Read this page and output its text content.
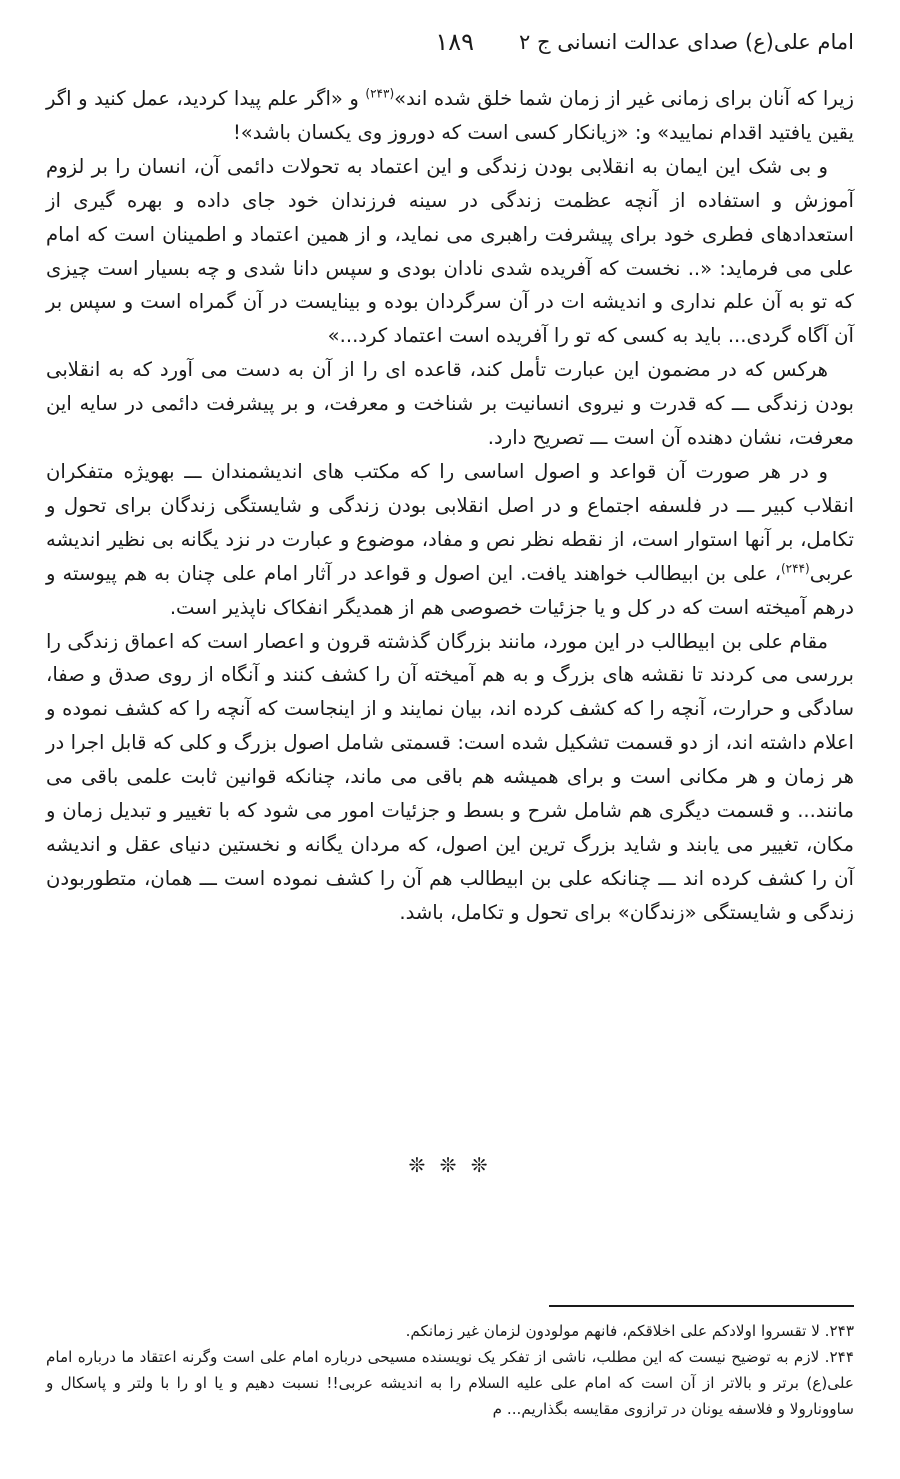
امام علی(ع) صدای عدالت انسانی ج ۲
۱۸۹

زیرا که آنان برای زمانی غیر از زمان شما خلق شده اند»$^{(۲۴۳)}$ و «اگر علم پیدا کردید، عمل کنید و اگر یقین یافتید اقدام نمایید» و: «زیانکار کسی است که دوروز وی یکسان باشد»!

و بی شک این ایمان به انقلابی بودن زندگی و این اعتماد به تحولات دائمی آن، انسان را بر لزوم آموزش و استفاده از آنچه عظمت زندگی در سینه فرزندان خود جای داده و بهره گیری از استعدادهای فطری خود برای پیشرفت راهبری می نماید، و از همین اعتماد و اطمینان است که امام علی می فرماید: «.. نخست که آفریده شدی نادان بودی و سپس دانا شدی و چه بسیار است چیزی که تو به آن علم نداری و اندیشه ات در آن سرگردان بوده و بینایست در آن گمراه است و سپس بر آن آگاه گردی... باید به کسی که تو را آفریده است اعتماد کرد...»

هرکس که در مضمون این عبارت تأمل کند، قاعده ای را از آن به دست می آورد که به انقلابی بودن زندگی ـــ که قدرت و نیروی انسانیت بر شناخت و معرفت، و بر پیشرفت دائمی در سایه این معرفت، نشان دهنده آن است ـــ تصریح دارد.

و در هر صورت آن قواعد و اصول اساسی را که مکتب های اندیشمندان ـــ بهویژه متفکران انقلاب کبیر ـــ در فلسفه اجتماع و در اصل انقلابی بودن زندگی و شایستگی زندگان برای تحول و تکامل، بر آنها استوار است، از نقطه نظر نص و مفاد، موضوع و عبارت در نزد یگانه بی نظیر اندیشه عربی$^{(۲۴۴)}$، علی بن ابیطالب خواهند یافت. این اصول و قواعد در آثار امام علی چنان به هم پیوسته و درهم آمیخته است که در کل و یا جزئیات خصوصی هم از همدیگر انفکاک ناپذیر است.

مقام علی بن ابیطالب در این مورد، مانند بزرگان گذشته قرون و اعصار است که اعماق زندگی را بررسی می کردند تا نقشه های بزرگ و به هم آمیخته آن را کشف کنند و آنگاه از روی صدق و صفا، سادگی و حرارت، آنچه را که کشف کرده اند، بیان نمایند و از اینجاست که آنچه را که کشف نموده و اعلام داشته اند، از دو قسمت تشکیل شده است: قسمتی شامل اصول بزرگ و کلی که قابل اجرا در هر زمان و هر مکانی است و برای همیشه هم باقی می ماند، چنانکه قوانین ثابت علمی باقی می مانند... و قسمت دیگری هم شامل شرح و بسط و جزئیات امور می شود که با تغییر و تبدیل زمان و مکان، تغییر می یابند و شاید بزرگ ترین این اصول، که مردان یگانه و نخستین دنیای عقل و اندیشه آن را کشف کرده اند ـــ چنانکه علی بن ابیطالب هم آن را کشف نموده است ـــ همان، متطوربودن زندگی و شایستگی «زندگان» برای تحول و تکامل، باشد.

❊ ❊ ❊

۲۴۳. لا تقسروا اولادکم علی اخلاقکم، فانهم مولودون لزمان غیر زمانکم.

۲۴۴. لازم به توضیح نیست که این مطلب، ناشی از تفکر یک نویسنده مسیحی درباره امام علی است وگرنه اعتقاد ما درباره امام علی(ع) برتر و بالاتر از آن است که امام علی علیه السلام را به اندیشه عربی!! نسبت دهیم و یا او را با ولتر و پاسکال و ساوونارولا و فلاسفه یونان در ترازوی مقایسه بگذاریم... م
